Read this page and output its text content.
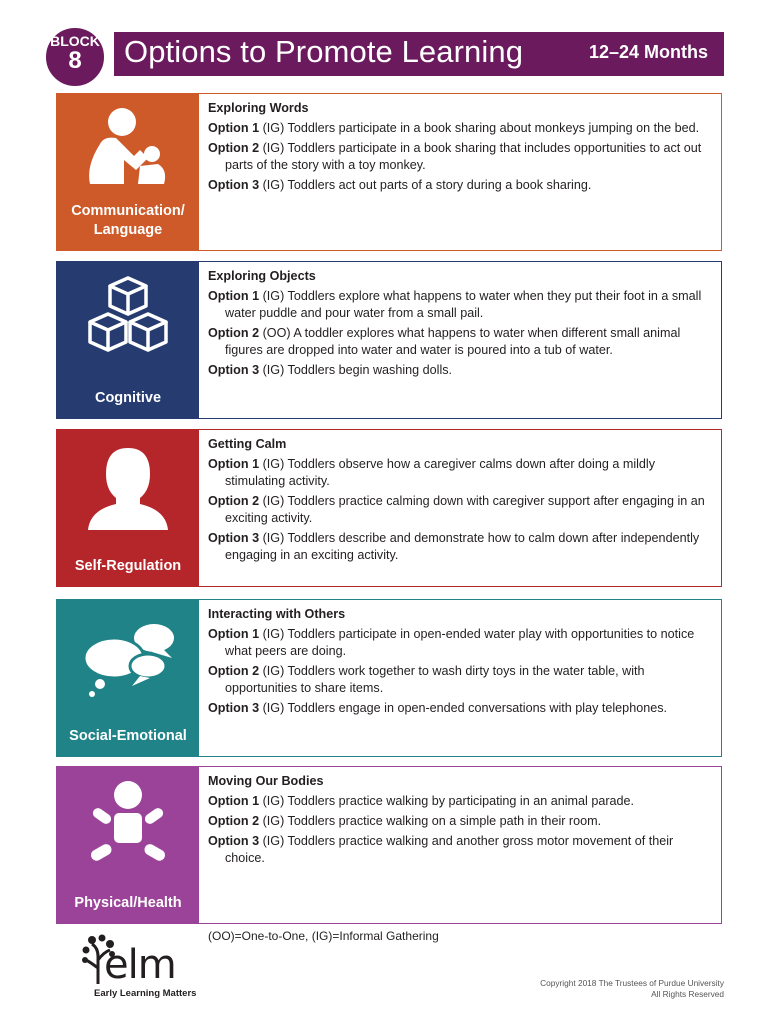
Options to Promote Learning	12–24 Months
BLOCK
8
Communication/
Language
Exploring Words
Option 1 (IG) Toddlers participate in a book sharing about monkeys jumping on the bed.
Option 2 (IG) Toddlers participate in a book sharing that includes opportunities to act out parts of the story with a toy monkey.
Option 3 (IG) Toddlers act out parts of a story during a book sharing.
Cognitive
Exploring Objects
Option 1 (IG) Toddlers explore what happens to water when they put their foot in a small water puddle and pour water from a small pail.
Option 2 (OO) A toddler explores what happens to water when different small animal figures are dropped into water and water is poured into a tub of water.
Option 3 (IG) Toddlers begin washing dolls.
Self-Regulation
Getting Calm
Option 1 (IG) Toddlers observe how a caregiver calms down after doing a mildly stimulating activity.
Option 2 (IG) Toddlers practice calming down with caregiver support after engaging in an exciting activity.
Option 3 (IG) Toddlers describe and demonstrate how to calm down after independently engaging in an exciting activity.
Social-Emotional
Interacting with Others
Option 1 (IG) Toddlers participate in open-ended water play with opportunities to notice what peers are doing.
Option 2 (IG) Toddlers work together to wash dirty toys in the water table, with opportunities to share items.
Option 3 (IG) Toddlers engage in open-ended conversations with play telephones.
Physical/Health
Moving Our Bodies
Option 1 (IG) Toddlers practice walking by participating in an animal parade.
Option 2 (IG) Toddlers practice walking on a simple path in their room.
Option 3 (IG) Toddlers practice walking and another gross motor movement of their choice.
(OO)=One-to-One, (IG)=Informal Gathering
elm
Early Learning Matters
Copyright 2018 The Trustees of Purdue University
All Rights Reserved
